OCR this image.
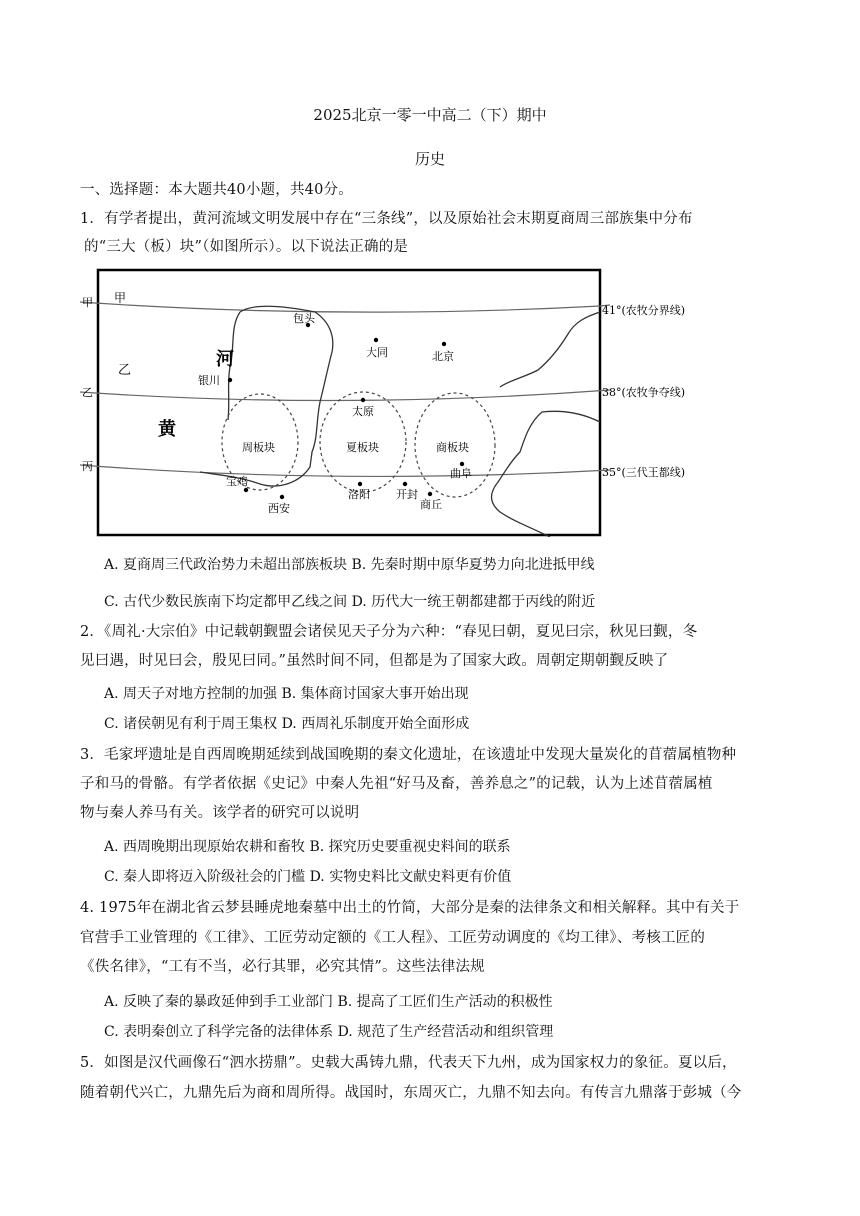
2025北京一零一中高二（下）期中
历史
一、选择题：本大题共40小题，共40分。
1．有学者提出，黄河流域文明发展中存在“三条线”，以及原始社会末期夏商周三部族集中分布
的“三大（板）块”（如图所示）。以下说法正确的是
甲 甲
乙
乙
丙
41°(农牧分界线)
38°(农牧争夺线)
35°(三代王都线)
河
黄
包头
大同	北京
银川
太原
周板块	夏板块	商板块
曲阜
宝鸡
西安
洛阳 开封
商丘
A. 夏商周三代政治势力未超出部族板块 B. 先秦时期中原华夏势力向北进抵甲线
C. 古代少数民族南下均定都甲乙线之间 D. 历代大一统王朝都建都于丙线的附近
2．《周礼·大宗伯》中记载朝觐盟会诸侯见天子分为六种：“春见曰朝，夏见曰宗，秋见曰觐，冬
见曰遇，时见曰会，殷见曰同。”虽然时间不同，但都是为了国家大政。周朝定期朝觐反映了
A. 周天子对地方控制的加强 B. 集体商讨国家大事开始出现
C. 诸侯朝见有利于周王集权 D. 西周礼乐制度开始全面形成
3．毛家坪遗址是自西周晚期延续到战国晚期的秦文化遗址，在该遗址中发现大量炭化的苜蓿属植物种
子和马的骨骼。有学者依据《史记》中秦人先祖“好马及畜，善养息之”的记载，认为上述苜蓿属植
物与秦人养马有关。该学者的研究可以说明
A. 西周晚期出现原始农耕和畜牧 B. 探究历史要重视史料间的联系
C. 秦人即将迈入阶级社会的门槛 D. 实物史料比文献史料更有价值
4. 1975年在湖北省云梦县睡虎地秦墓中出土的竹简，大部分是秦的法律条文和相关解释。其中有关于
官营手工业管理的《工律》、工匠劳动定额的《工人程》、工匠劳动调度的《均工律》、考核工匠的
《佚名律》，“工有不当，必行其罪，必究其情”。这些法律法规
A. 反映了秦的暴政延伸到手工业部门 B. 提高了工匠们生产活动的积极性
C. 表明秦创立了科学完备的法律体系 D. 规范了生产经营活动和组织管理
5．如图是汉代画像石“泗水捞鼎”。史载大禹铸九鼎，代表天下九州，成为国家权力的象征。夏以后，
随着朝代兴亡，九鼎先后为商和周所得。战国时，东周灭亡，九鼎不知去向。有传言九鼎落于彭城（今
